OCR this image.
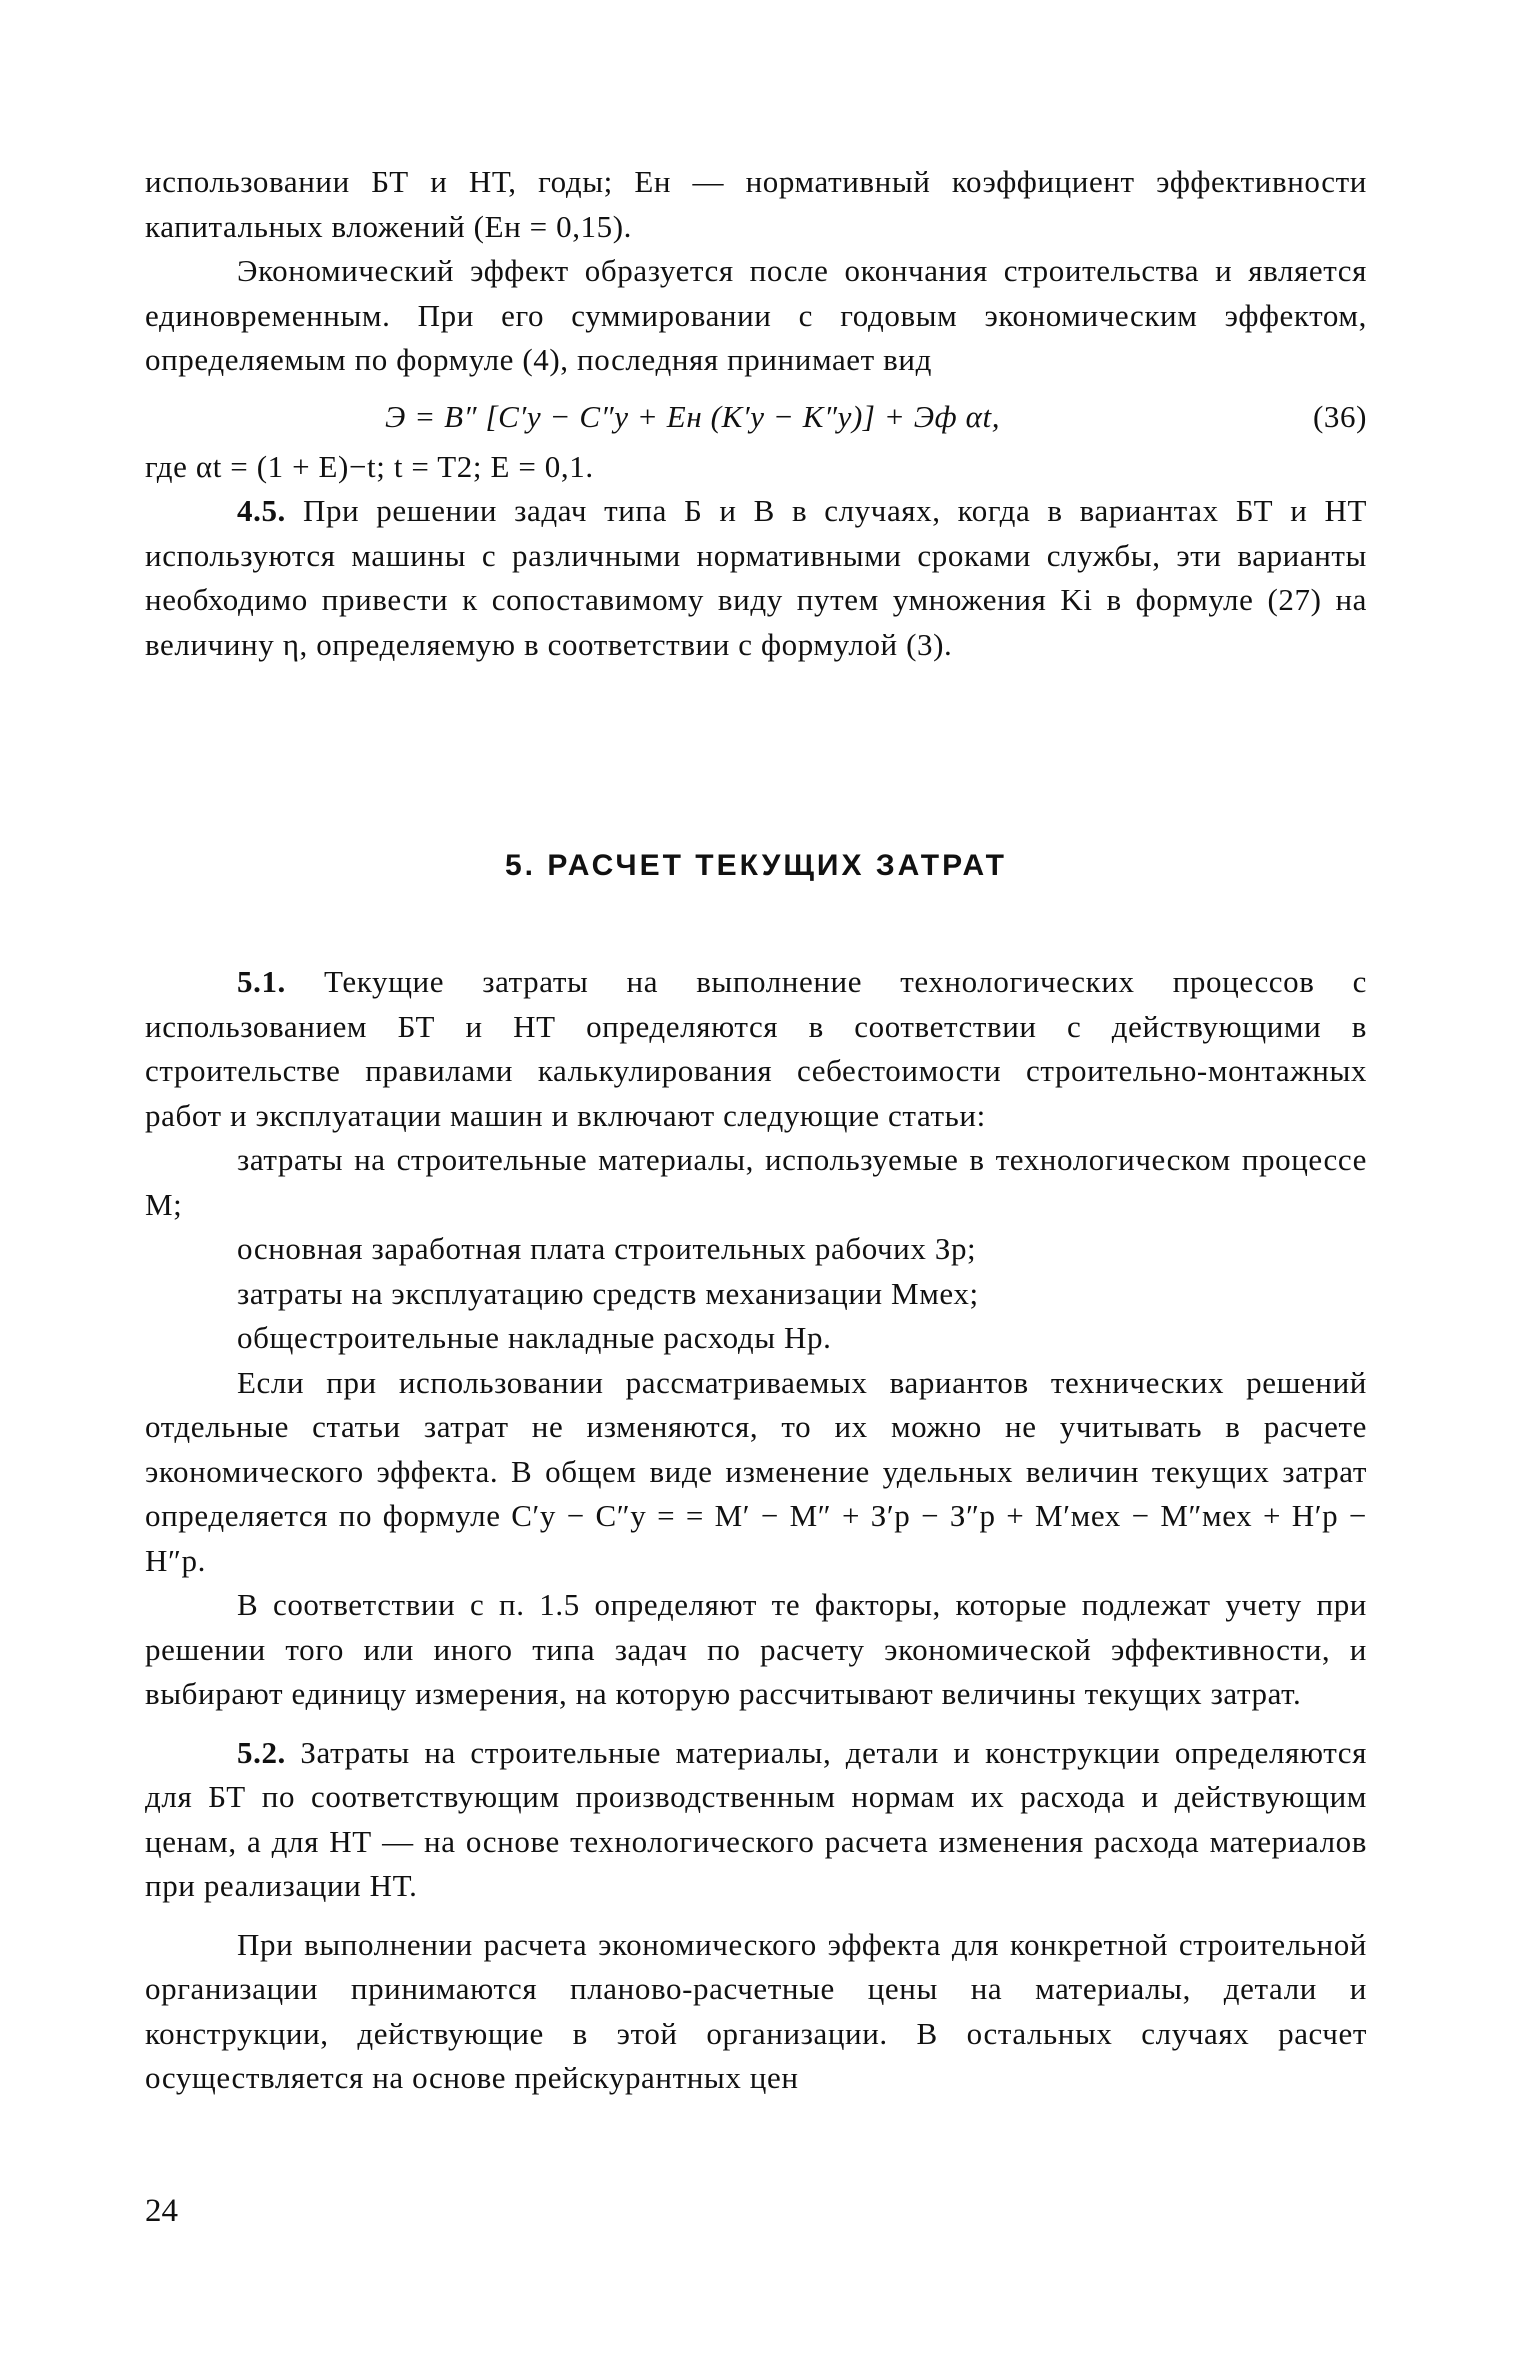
использовании БТ и НТ, годы; Eн — нормативный коэффициент эффективности капитальных вложений (Eн = 0,15).

Экономический эффект образуется после окончания строительства и является единовременным. При его суммировании с годовым экономическим эффектом, определяемым по формуле (4), последняя принимает вид

Э = В″ [C′у − C″у + Eн (K′у − K″у)] + Эф αt,	(36)

где αt = (1 + E)−t; t = T2; E = 0,1.

4.5. При решении задач типа Б и В в случаях, когда в вариантах БТ и НТ используются машины с различными нормативными сроками службы, эти варианты необходимо привести к сопоставимому виду путем умножения Ki в формуле (27) на величину η, определяемую в соответствии с формулой (3).

5. РАСЧЕТ ТЕКУЩИХ ЗАТРАТ

5.1. Текущие затраты на выполнение технологических процессов с использованием БТ и НТ определяются в соответствии с действующими в строительстве правилами калькулирования себестоимости строительно-монтажных работ и эксплуатации машин и включают следующие статьи:

затраты на строительные материалы, используемые в технологическом процессе М;

основная заработная плата строительных рабочих Зр;

затраты на эксплуатацию средств механизации Ммех;

общестроительные накладные расходы Нр.

Если при использовании рассматриваемых вариантов технических решений отдельные статьи затрат не изменяются, то их можно не учитывать в расчете экономического эффекта. В общем виде изменение удельных величин текущих затрат определяется по формуле C′у − C″у = = М′ − М″ + З′р − З″р + М′мех − М″мех + Н′р − Н″р.

В соответствии с п. 1.5 определяют те факторы, которые подлежат учету при решении того или иного типа задач по расчету экономической эффективности, и выбирают единицу измерения, на которую рассчитывают величины текущих затрат.

5.2. Затраты на строительные материалы, детали и конструкции определяются для БТ по соответствующим производственным нормам их расхода и действующим ценам, а для НТ — на основе технологического расчета изменения расхода материалов при реализации НТ.

При выполнении расчета экономического эффекта для конкретной строительной организации принимаются планово-расчетные цены на материалы, детали и конструкции, действующие в этой организации. В остальных случаях расчет осуществляется на основе прейскурантных цен

24
